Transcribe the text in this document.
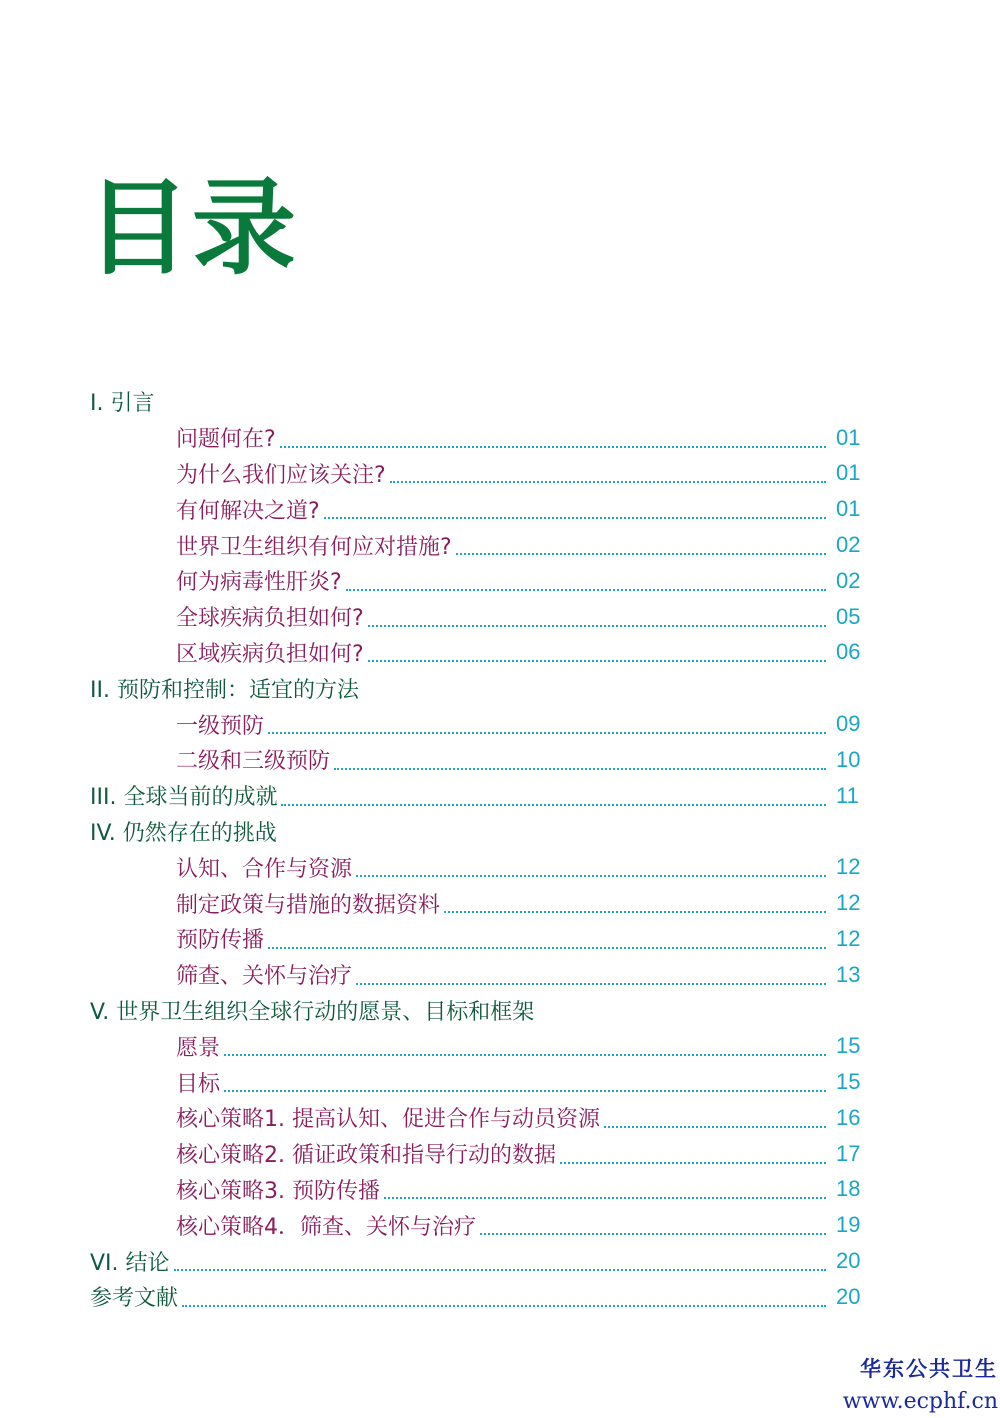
目录
I. 引言
问题何在?	01
为什么我们应该关注?	01
有何解决之道?	01
世界卫生组织有何应对措施?	02
何为病毒性肝炎?	02
全球疾病负担如何?	05
区域疾病负担如何?	06
II. 预防和控制：适宜的方法
一级预防	09
二级和三级预防	10
III. 全球当前的成就	11
IV. 仍然存在的挑战
认知、合作与资源	12
制定政策与措施的数据资料	12
预防传播	12
筛查、关怀与治疗	13
V. 世界卫生组织全球行动的愿景、目标和框架
愿景	15
目标	15
核心策略1. 提高认知、促进合作与动员资源	16
核心策略2. 循证政策和指导行动的数据	17
核心策略3. 预防传播	18
核心策略4．筛查、关怀与治疗	19
VI. 结论	20
参考文献	20
华东公共卫生
www.ecphf.cn
